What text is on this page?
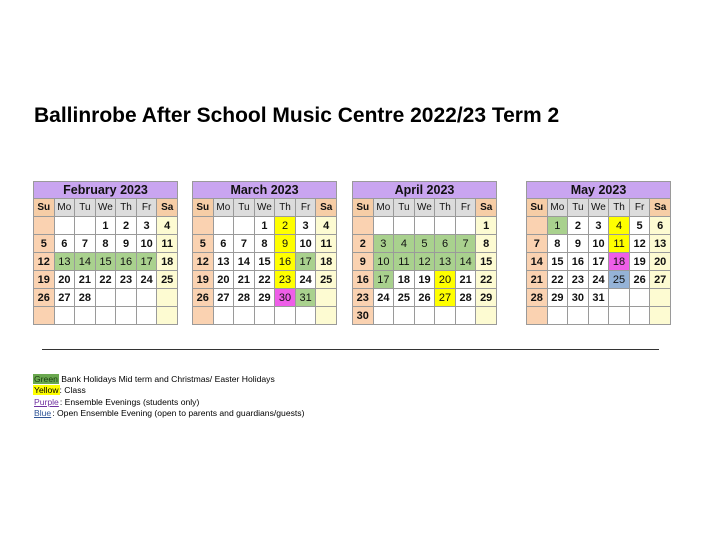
Ballinrobe After School Music Centre 2022/23 Term 2
February 2023						
Su	Mo	Tu	We	Th	Fr	Sa
			1	2	3	4
5	6	7	8	9	10	11
12	13	14	15	16	17	18
19	20	21	22	23	24	25
26	27	28				

March 2023						
Su	Mo	Tu	We	Th	Fr	Sa
			1	2	3	4
5	6	7	8	9	10	11
12	13	14	15	16	17	18
19	20	21	22	23	24	25
26	27	28	29	30	31	

April 2023						
Su	Mo	Tu	We	Th	Fr	Sa
						1
2	3	4	5	6	7	8
9	10	11	12	13	14	15
16	17	18	19	20	21	22
23	24	25	26	27	28	29
30						
May 2023						
Su	Mo	Tu	We	Th	Fr	Sa
	1	2	3	4	5	6
7	8	9	10	11	12	13
14	15	16	17	18	19	20
21	22	23	24	25	26	27
28	29	30	31			

Green Bank Holidays Mid term and Christmas/ Easter Holidays
Yellow: Class
Purple: Ensemble Evenings (students only)
Blue: Open Ensemble Evening (open to parents and guardians/guests)
